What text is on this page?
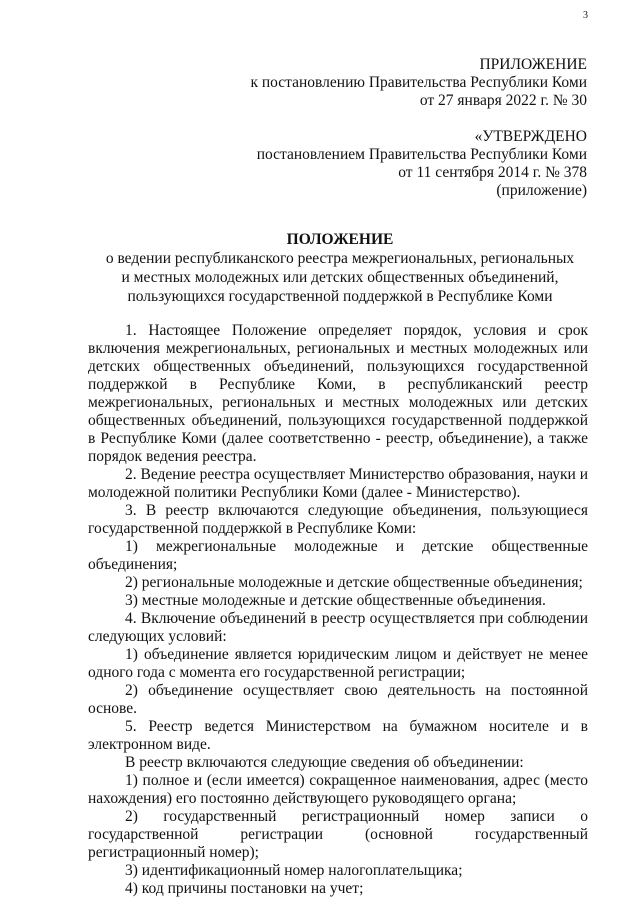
3
ПРИЛОЖЕНИЕ
к постановлению Правительства Республики Коми
от 27 января 2022 г. № 30
«УТВЕРЖДЕНО
постановлением Правительства Республики Коми
от 11 сентября 2014 г. № 378
(приложение)
ПОЛОЖЕНИЕ
о ведении республиканского реестра межрегиональных, региональных
и местных молодежных или детских общественных объединений,
пользующихся государственной поддержкой в Республике Коми

1. Настоящее Положение определяет порядок, условия и срок включения межрегиональных, региональных и местных молодежных или детских общественных объединений, пользующихся государственной поддержкой в Республике Коми, в республиканский реестр межрегиональных, региональных и местных молодежных или детских общественных объединений, пользующихся государственной поддержкой в Республике Коми (далее соответственно - реестр, объединение), а также порядок ведения реестра.

2. Ведение реестра осуществляет Министерство образования, науки и молодежной политики Республики Коми (далее - Министерство).

3. В реестр включаются следующие объединения, пользующиеся государственной поддержкой в Республике Коми:

1) межрегиональные молодежные и детские общественные объединения;

2) региональные молодежные и детские общественные объединения;

3) местные молодежные и детские общественные объединения.

4. Включение объединений в реестр осуществляется при соблюдении следующих условий:

1) объединение является юридическим лицом и действует не менее одного года с момента его государственной регистрации;

2) объединение осуществляет свою деятельность на постоянной основе.

5. Реестр ведется Министерством на бумажном носителе и в электронном виде.

В реестр включаются следующие сведения об объединении:

1) полное и (если имеется) сокращенное наименования, адрес (место нахождения) его постоянно действующего руководящего органа;

2) государственный регистрационный номер записи о государственной регистрации (основной государственный регистрационный номер);

3) идентификационный номер налогоплательщика;

4) код причины постановки на учет;
